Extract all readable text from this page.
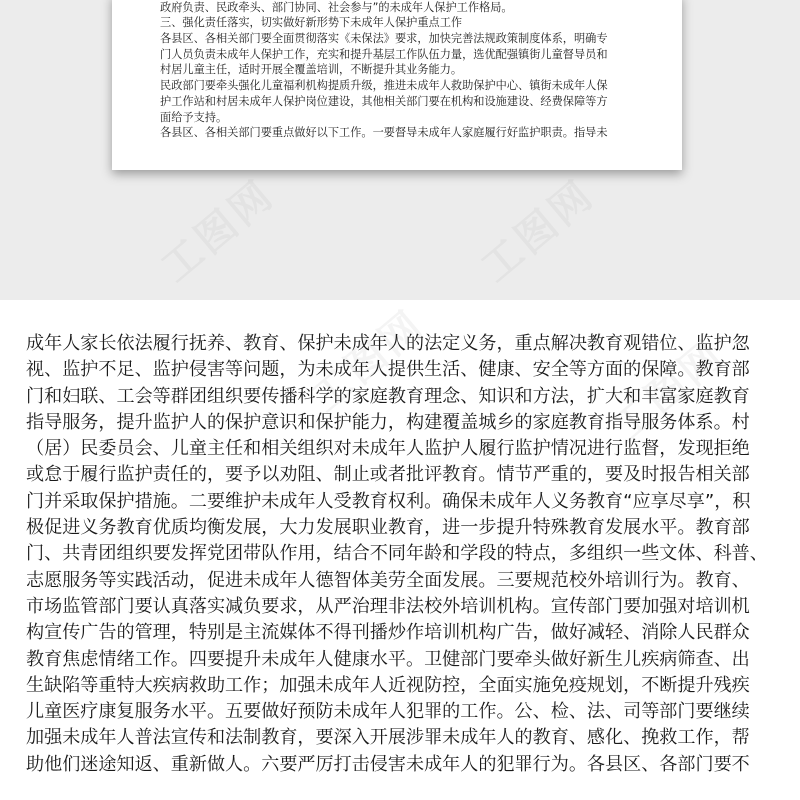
政府负责、民政牵头、部门协同、社会参与”的未成年人保护工作格局。
三、强化责任落实，切实做好新形势下未成年人保护重点工作
各县区、各相关部门要全面贯彻落实《未保法》要求，加快完善法规政策制度体系，明确专
门人员负责未成年人保护工作，充实和提升基层工作队伍力量，选优配强镇街儿童督导员和
村居儿童主任，适时开展全覆盖培训，不断提升其业务能力。
民政部门要牵头强化儿童福利机构提质升级，推进未成年人救助保护中心、镇街未成年人保
护工作站和村居未成年人保护岗位建设，其他相关部门要在机构和设施建设、经费保障等方
面给予支持。
各县区、各相关部门要重点做好以下工作。一要督导未成年人家庭履行好监护职责。指导未
工图网	工图网
工图网	工图网
成年人家长依法履行抚养、教育、保护未成年人的法定义务，重点解决教育观错位、监护忽
视、监护不足、监护侵害等问题，为未成年人提供生活、健康、安全等方面的保障。教育部
门和妇联、工会等群团组织要传播科学的家庭教育理念、知识和方法，扩大和丰富家庭教育
指导服务，提升监护人的保护意识和保护能力，构建覆盖城乡的家庭教育指导服务体系。村
（居）民委员会、儿童主任和相关组织对未成年人监护人履行监护情况进行监督，发现拒绝
或怠于履行监护责任的，要予以劝阻、制止或者批评教育。情节严重的，要及时报告相关部
门并采取保护措施。二要维护未成年人受教育权利。确保未成年人义务教育“应享尽享”，积
极促进义务教育优质均衡发展，大力发展职业教育，进一步提升特殊教育发展水平。教育部
门、共青团组织要发挥党团带队作用，结合不同年龄和学段的特点，多组织一些文体、科普、
志愿服务等实践活动，促进未成年人德智体美劳全面发展。三要规范校外培训行为。教育、
市场监管部门要认真落实减负要求，从严治理非法校外培训机构。宣传部门要加强对培训机
构宣传广告的管理，特别是主流媒体不得刊播炒作培训机构广告，做好减轻、消除人民群众
教育焦虑情绪工作。四要提升未成年人健康水平。卫健部门要牵头做好新生儿疾病筛查、出
生缺陷等重特大疾病救助工作；加强未成年人近视防控，全面实施免疫规划，不断提升残疾
儿童医疗康复服务水平。五要做好预防未成年人犯罪的工作。公、检、法、司等部门要继续
加强未成年人普法宣传和法制教育，要深入开展涉罪未成年人的教育、感化、挽救工作，帮
助他们迷途知返、重新做人。六要严厉打击侵害未成年人的犯罪行为。各县区、各部门要不
